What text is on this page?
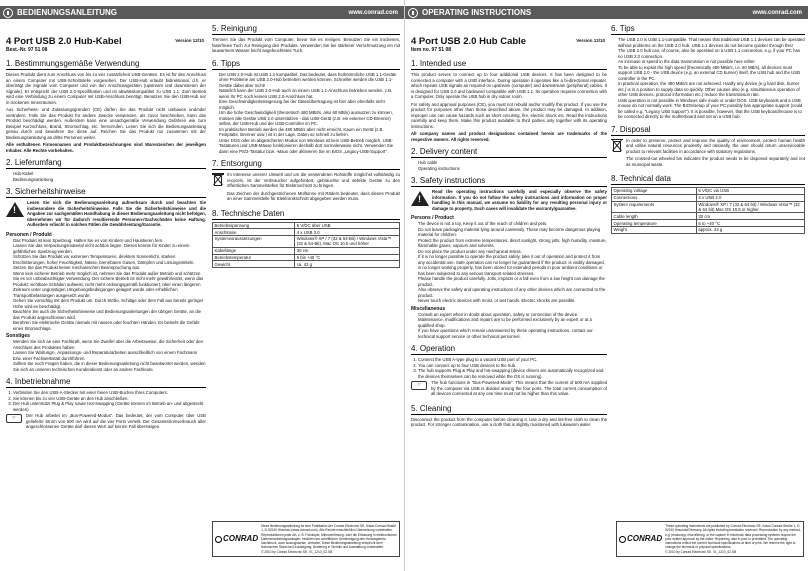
BEDIENUNGSANLEITUNG	www.conrad.com
4 Port USB 2.0 Hub-Kabel	Version 12/10
Best.-Nr. 97 51 08
1. Bestimmungsgemäße Verwendung

Dieses Produkt dient zum Anschluss von bis zu vier zusätzlichen USB-Geräten. Es ist für den Anschluss an einem Computer mit USB-Schnittstelle vorgesehen. Der USB-Hub erlaubt bidirektional, d.h. er überträgt die Signale vom Computer und von den Anschlussgeräten (upstream und downstream der Signale). Er entspricht der USB 2.0-Spezifikation und ist abwärtskompatibel zu USB 1.1. Zum Betrieb wird eine Verbindung zu einem Computer mit USB-Anschluss benötigt. Benutzen Sie den USB-Hub nur in trockenen Innenräumen.

Aus Sicherheits- und Zulassungsgründen (CE) dürfen Sie das Produkt nicht umbauen und/oder verändern. Falls Sie das Produkt für andere Zwecke verwenden, als zuvor beschrieben, kann das Produkt beschädigt werden. Außerdem kann eine unsachgemäße Verwendung Gefahren wie zum Beispiel Kurzschluss, Brand, Stromschlag, etc. hervorrufen. Lesen Sie sich die Bedienungsanleitung genau durch und bewahren Sie diese auf. Reichen Sie das Produkt nur zusammen mit der Bedienungsanleitung an dritte Personen weiter.

Alle enthaltenen Firmennamen und Produktbezeichnungen sind Warenzeichen der jeweiligen Inhaber. Alle Rechte vorbehalten.

2. Lieferumfang
• Hub-Kabel
• Bedienungsanleitung
3. Sicherheitshinweise
!

Lesen Sie sich die Bedienungsanleitung aufmerksam durch und beachten Sie insbesondere die Sicherheitshinweise. Falls Sie die Sicherheitshinweise und die Angaben zur sachgemäßen Handhabung in dieser Bedienungsanleitung nicht befolgen, übernehmen wir für dadurch resultierende Personen-/Sachschäden keine Haftung. Außerdem erlischt in solchen Fällen die Gewährleistung/Garantie.

Personen / Produkt
• Das Produkt ist kein Spielzeug. Halten Sie es von Kindern und Haustieren fern.
• Lassen Sie das Verpackungsmaterial nicht achtlos liegen. Dieses könnte für Kinder zu einem gefährlichen Spielzeug werden.
• Schützen Sie das Produkt vor extremen Temperaturen, direktem Sonnenlicht, starken Erschütterungen, hoher Feuchtigkeit, Nässe, brennbaren Gasen, Dämpfen und Lösungsmitteln.
• Setzen Sie das Produkt keiner mechanischen Beanspruchung aus.
• Wenn kein sicherer Betrieb mehr möglich ist, nehmen Sie das Produkt außer Betrieb und schützen Sie es vor unbeabsichtigter Verwendung. Der sichere Betrieb ist nicht mehr gewährleistet, wenn das Produkt: sichtbare Schäden aufweist, nicht mehr ordnungsgemäß funktioniert, über einen längeren Zeitraum unter ungünstigen Umgebungsbedingungen gelagert wurde oder erheblichen Transportbelastungen ausgesetzt wurde.
• Gehen Sie vorsichtig mit dem Produkt um. Durch Stöße, Schläge oder dem Fall aus bereits geringer Höhe wird es beschädigt.
• Beachten Sie auch die Sicherheitshinweise und Bedienungsanleitungen der übrigen Geräte, an die das Produkt angeschlossen wird.
• Berühren Sie elektrische Geräte niemals mit nassen oder feuchten Händen. Es besteht die Gefahr eines Stromschlags.
Sonstiges
• Wenden Sie sich an eine Fachkraft, wenn Sie Zweifel über die Arbeitsweise, die Sicherheit oder den Anschluss des Produktes haben.
• Lassen Sie Wartungs-, Anpassungs- und Reparaturarbeiten ausschließlich von einem Fachmann bzw. einer Fachwerkstatt durchführen.
• Sollten Sie noch Fragen haben, die in dieser Bedienungsanleitung nicht beantwortet werden, wenden Sie sich an unseren technischen Kundendienst oder an andere Fachleute.
4. Inbetriebnahme
1. Verbinden Sie den USB-A-Stecker mit einer freien USB-Buchse Ihres Computers.
2. Sie können bis zu vier USB-Geräte an den Hub anschließen.
3. Der Hub unterstützt Plug & Play sowie Hot-Swapping (Geräte können im Betrieb an- und abgesteckt werden).
☞	Der Hub arbeitet im „Bus-Powered-Modus". Das bedeutet, der vom Computer über USB gelieferte Strom von 500 mA wird auf die vier Ports verteilt. Der Gesamtstromverbrauch aller angeschlossenen Geräte darf diesen Wert auf keinen Fall übersteigen.

5. Reinigung

Trennen Sie das Produkt vom Computer, bevor Sie es reinigen. Benutzen Sie ein trockenes, faserfreies Tuch zur Reinigung des Produkts. Verwenden Sie bei stärkerer Verschmutzung ein mit lauwarmem Wasser leicht angefeuchtetes Tuch.

6. Tipps
• Der USB 2.0-Hub ist USB 1.1-kompatibel. Das bedeutet, dass herkömmliche USB 1.1-Geräte ohne Probleme am USB 2.0-Hub betrieben werden können. Schneller werden die USB 1.1-Geräte dabei aber nicht!
• Natürlich kann der USB 2.0-Hub auch an einem USB 1.1-Anschluss betrieben werden, z.B. wenn Ihr PC noch keinen USB 2.0-Anschluss hat.
• Eine Geschwindigkeitssteigerung bei der Datenübertragung ist hier aber ebenfalls nicht möglich.
• Um die hohe Geschwindigkeit (theoretisch 480 MBit/s, also 60 MB/s) ausnutzen zu können, müssen alle Geräte USB 2.0 unterstützen - das USB-Gerät (z.B. ein externer CD-Brenner) selbst, der USB-Hub und der USB-Controller im PC.
• Im praktischen Betrieb werden die 480 MBit/s aber nicht erreicht. Kaum ein Gerät (z.B. Festplatte, Brenner usw.) ist in der Lage, Daten so schnell zu liefern.
• Unter DOS oder im abgesicherten Modus von Windows ist kein USB-Betrieb möglich. USB-Tastaturen und USB-Mäuse funktionieren deshalb dort normalerweise nicht. Verwenden Sie dann eine PS/2-Tastatur bzw. -Maus oder aktivieren Sie im BIOS „Legacy-USB-Support".
7. Entsorgung

Im Interesse unserer Umwelt und um die verwendeten Rohstoffe möglichst vollständig zu recyceln, ist der Verbraucher aufgefordert, gebrauchte und defekte Geräte zu den öffentlichen Sammelstellen für Elektroschrott zu bringen.

Das Zeichen der durchgestrichenen Mülltonne mit Rädern bedeutet, dass dieses Produkt an einer Sammelstelle für Elektronikschrott abgegeben werden muss.

8. Technische Daten
Betriebsspannung	5 V/DC über USB
Anschlüsse	4 x USB 2.0
Systemvoraussetzungen	Windows® XP / 7 (32 & 64-Bit) / Windows Vista™ (32 & 64-Bit), Mac OS 10.5 und höher
Kabellänge	30 cm
Betriebstemperatur	5 bis +40 °C
Gewicht	ca. 42 g
CONRAD
Diese Bedienungsanleitung ist eine Publikation der Conrad Electronic SE, Klaus-Conrad-Straße 1, D-92240 Hirschau (www.conrad.com). Alle Rechte einschließlich Übersetzung vorbehalten. Reproduktionen jeder Art, z. B. Fotokopie, Mikroverfilmung, oder die Erfassung in elektronischen Datenverarbeitungsanlagen, bedürfen der schriftlichen Genehmigung des Herausgebers. Nachdruck, auch auszugsweise, verboten. Diese Bedienungsanleitung entspricht dem technischen Stand bei Drucklegung. Änderung in Technik und Ausstattung vorbehalten.
© 2010 by Conrad Electronic SE. V1_1210_02-SB
OPERATING INSTRUCTIONS	www.conrad.com
4 Port USB 2.0 Hub Cable	Version 12/10
Item no. 97 51 08
1. Intended use

This product serves to connect up to four additional USB devices. It has been designed to be connected a computer with a USB interface. During operation it operates like a bi-directional repeater, which repeats USB signals as required on upstream (computer) and downstream (peripheral) cables. It is designed for USB 2.0 and backward compatible with USB 1.1. Its operation requires connection with a Computer. Only operate the USB hub in dry indoor room.

For safety and approval purposes (CE), you must not rebuild and/or modify this product. If you use the product for purposes other than those described above, the product may be damaged. In addition, improper use can cause hazards such as short circuiting, fire, electric shock etc. Read the instructions carefully and keep them. Make this product available to third parties only together with its operating instructions.

All company names and product designations contained herein are trademarks of the respective owners. All rights reserved.

2. Delivery content
• Hub cable
• Operating instructions
3. Safety instructions
!

Read the operating instructions carefully and especially observe the safety information. If you do not follow the safety instructions and information on proper handling in this manual, we assume no liability for any resulting personal injury or damage to property. Such cases will invalidate the warranty/guarantee.

Persons / Product
• The device is not a toy. Keep it out of the reach of children and pets.
• Do not leave packaging material lying around carelessly. These may become dangerous playing material for children.
• Protect the product from extreme temperatures, direct sunlight, strong jolts, high humidity, moisture, flammable gases, vapours and solvents.
• Do not place the product under any mechanical stress.
• If it is no longer possible to operate the product safely, take it out of operation and protect it from any accidental use. Safe operation can no longer be guaranteed if the product: is visibly damaged, is no longer working properly, has been stored for extended periods in poor ambient conditions or has been subjected to any serious transport-related stresses.
• Please handle the product carefully. Jolts, impacts or a fall even from a low height can damage the product.
• Also observe the safety and operating instructions of any other devices which are connected to the product.
• Never touch electric devices with moist, or wet hands. Electric shocks are possible.
Miscellaneous
• Consult an expert when in doubt about operation, safety or connection of the device.
• Maintenance, modifications and repairs are to be performed exclusively by an expert or at a qualified shop.
• If you have questions which remain unanswered by these operating instructions, contact our technical support service or other technical personnel.
4. Operation
1. Connect the USB A-type plug to a vacant USB port of your PC.
2. You can connect up to four USB devices to the hub.
3. The hub supports Plug & Play and hot-swapping (device drivers are automatically recognized and the devices themselves can be removed while the OS is running).
☞	The hub functions in "Bus-Powered-Mode". This means that the current of 500 mA supplied by the computer via USB is divided among the four ports. The total current consumption of all devices connected at any one time must not be higher than this value.

5. Cleaning

Disconnect the product from the computer before cleaning it. Use a dry and lint-free cloth to clean the product. For stronger contamination, use a cloth that is slightly moistened with lukewarm water.

6. Tips
• The USB 2.0 is USB 1.1-compatible. That means that traditional USB 1.1 devices can be operated without problems on the USB 2.0 hub. USB 1.1 devices do not become quicker through this!
• The USB 2.0 hub can, of course, also be operated on a USB 1.1 connection, e.g. if your PC has no USB 2.0 connection.
• An increase in speed in the data transmission is not possible here either.
• To be able to exploit the high speed (theoretically 480 MBit/s, i.e. 60 MB/s), all devices must support USB 2.0 - the USB device (e.g. an external CD burner) itself, the USB hub and the USB controller in the PC.
• In practical operation, the 480 MBit/s are not achieved. Hardly any device (e.g hard disk, burner etc.) is in a position to supply data so quickly. Other causes also (e.g. simultaneous operation of other USB devices, protocol information etc.) reduce the transmission rate.
• USB operation is not possible in Windows safe mode or under DOS. USB keyboards and a USB mouse do not normally work. The BIOS/setup of your PC possibly has appropriate support (could be called e.g. "Legacy USB support"). It is possible, however, that the USB keyboard/mouse is to be connected directly to the motherboard and not on a USB hub.
7. Disposal

In order to preserve, protect and improve the quality of environment, protect human health and utilise natural resources prudently and rationally, the user should return unserviceable product to relevant facilities in accordance with statutory regulations.

The crossed-out wheeled bin indicates the product needs to be disposed separately and not as municipal waste.

8. Technical data
Operating voltage	5 V/DC via USB
Connections	4 x USB 2.0
System requirements	Windows® XP / 7 (32 & 64 bit) / Windows Vista™ (32 & 64 bit) Mac OS 10.5 or higher
Cable length	30 cm
Operating temperature	5 to +40 °C
Weight	approx. 42 g
CONRAD
These operating instructions are published by Conrad Electronic SE, Klaus-Conrad-Straße 1, D-92240 Hirschau/Germany. All rights including translation reserved. Reproduction by any method, e.g. photocopy, microfilming, or the capture in electronic data processing systems require the prior written approval by the editor. Reprinting, also in part, is prohibited. The operating instructions reflect the current technical specifications at time of print. We reserve the right to change the technical or physical specifications.
© 2010 by Conrad Electronic SE. V1_1210_02-SB
